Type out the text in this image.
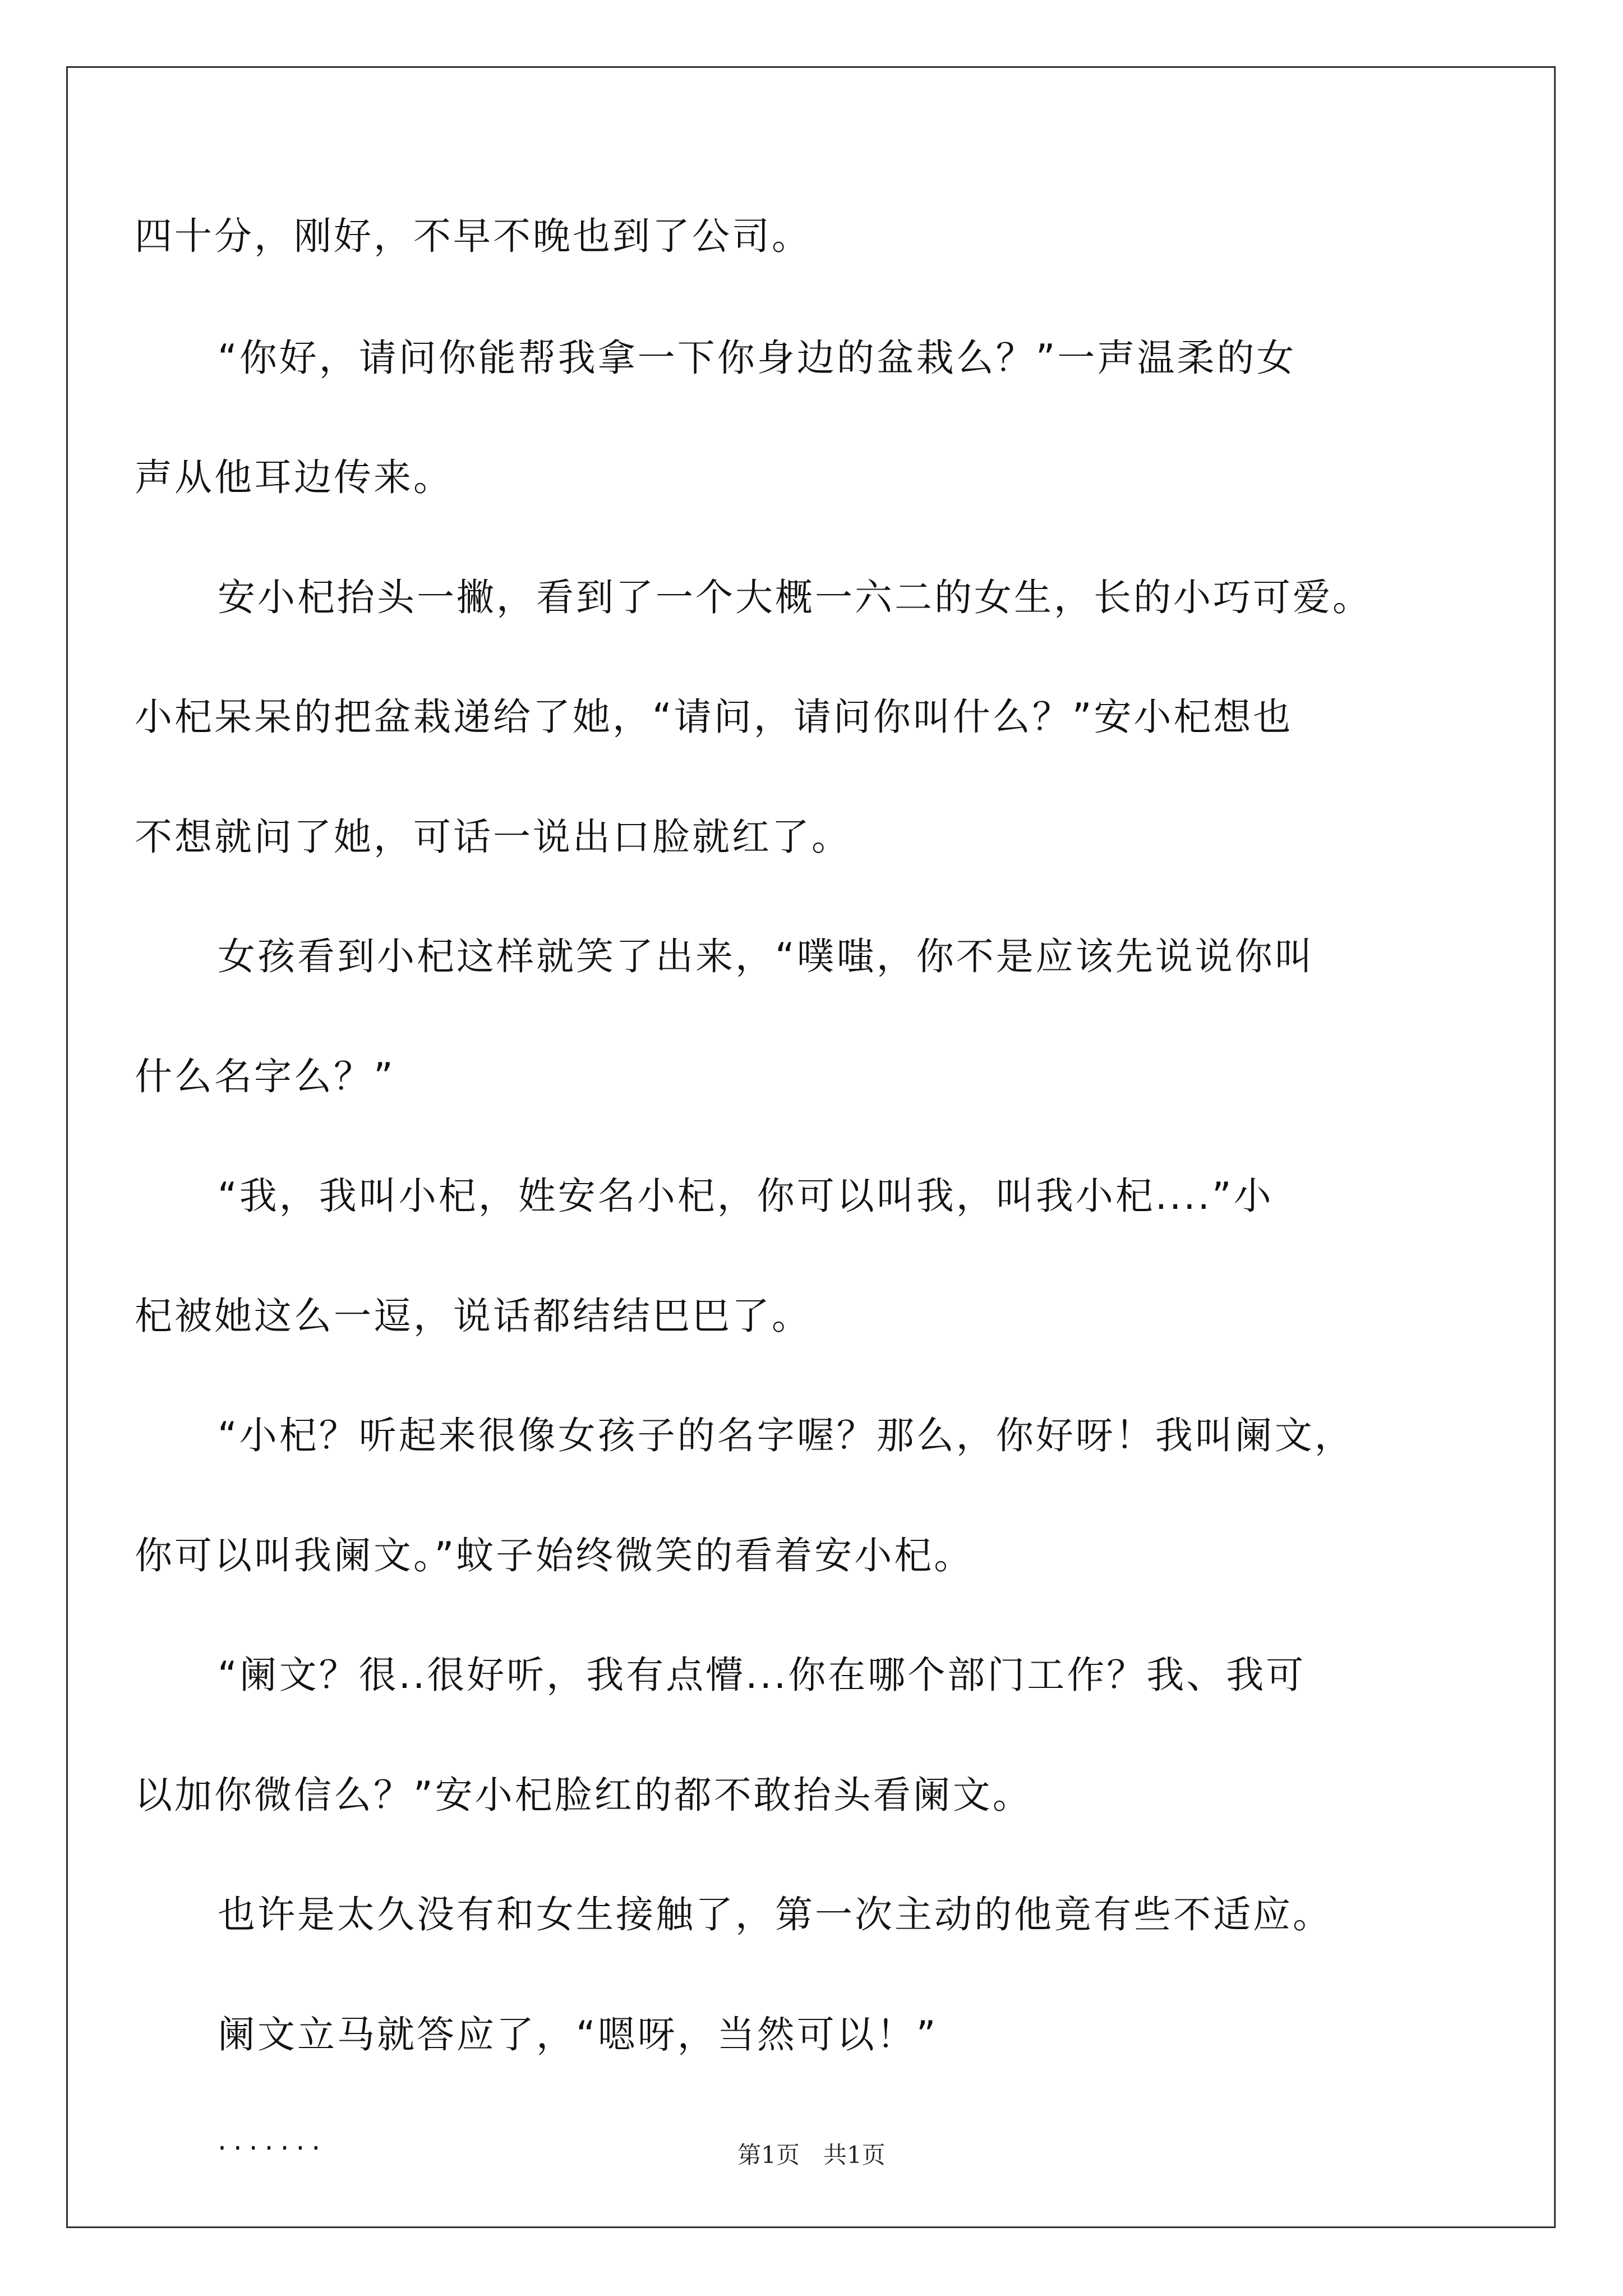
四十分，刚好，不早不晚也到了公司。
“你好，请问你能帮我拿一下你身边的盆栽么？”一声温柔的女
声从他耳边传来。
安小杞抬头一撇，看到了一个大概一六二的女生，长的小巧可爱。
小杞呆呆的把盆栽递给了她，“请问，请问你叫什么？”安小杞想也
不想就问了她，可话一说出口脸就红了。
女孩看到小杞这样就笑了出来，“噗嗤，你不是应该先说说你叫
什么名字么？”
“我，我叫小杞，姓安名小杞，你可以叫我，叫我小杞....”小
杞被她这么一逗，说话都结结巴巴了。
“小杞？听起来很像女孩子的名字喔？那么，你好呀！我叫阑文，
你可以叫我阑文。”蚊子始终微笑的看着安小杞。
“阑文？很..很好听，我有点懵...你在哪个部门工作？我、我可
以加你微信么？”安小杞脸红的都不敢抬头看阑文。
也许是太久没有和女生接触了，第一次主动的他竟有些不适应。
阑文立马就答应了，“嗯呀，当然可以！”
.......	第1页　共1页
